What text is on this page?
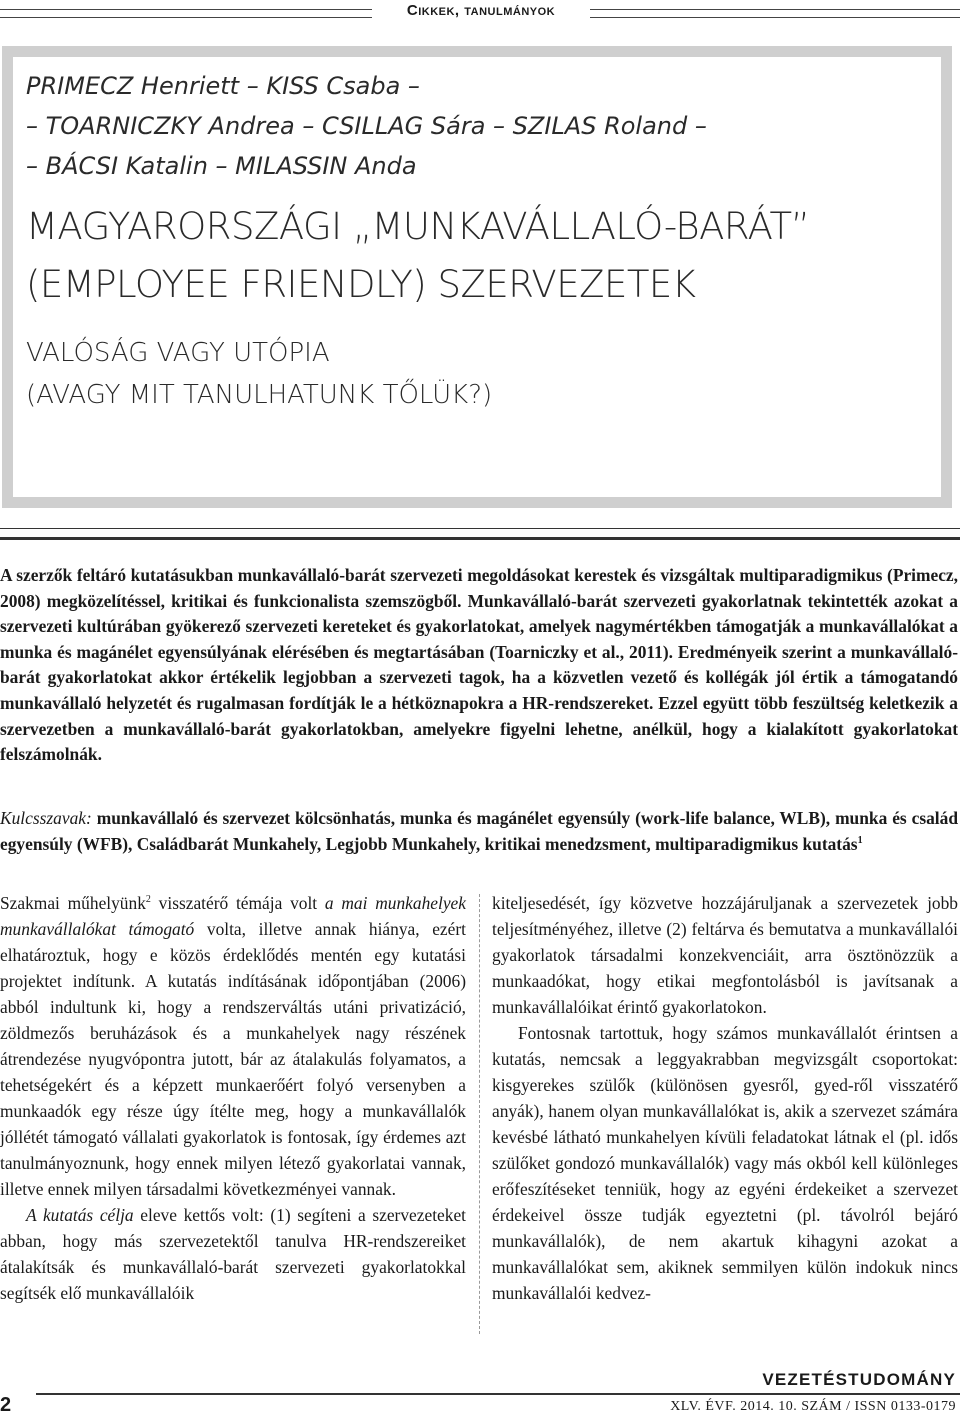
Cikkek, tanulmányok
PRIMECZ Henriett – KISS Csaba –
– TOARNICZKY Andrea – CSILLAG Sára – SZILAS Roland –
– BÁCSI Katalin – MILASSIN Anda
MAGYARORSZÁGI „MUNKAVÁLLALÓ-BARÁT”
(EMPLOYEE FRIENDLY) SZERVEZETEK
VALÓSÁG VAGY UTÓPIA
(AVAGY MIT TANULHATUNK TŐLÜK?)
A szerzők feltáró kutatásukban munkavállaló-barát szervezeti megoldásokat kerestek és vizsgáltak multiparadigmikus (Primecz, 2008) megközelítéssel, kritikai és funkcionalista szemszögből. Munkavállaló-barát szervezeti gyakorlatnak tekintették azokat a szervezeti kultúrában gyökerező szervezeti kereteket és gyakorlatokat, amelyek nagymértékben támogatják a munkavállalókat a munka és magánélet egyensúlyának elérésében és megtartásában (Toarniczky et al., 2011). Eredményeik szerint a munkavállaló-barát gyakorlatokat akkor értékelik legjobban a szervezeti tagok, ha a közvetlen vezető és kollégák jól értik a támogatandó munkavállaló helyzetét és rugalmasan fordítják le a hétköznapokra a HR-rendszereket. Ezzel együtt több feszültség keletkezik a szervezetben a munkavállaló-barát gyakorlatokban, amelyekre figyelni lehetne, anélkül, hogy a kialakított gyakorlatokat felszámolnák.
Kulcsszavak: munkavállaló és szervezet kölcsönhatás, munka és magánélet egyensúly (work-life balance, WLB), munka és család egyensúly (WFB), Családbarát Munkahely, Legjobb Munkahely, kritikai menedzsment, multiparadigmikus kutatás$^1$

Szakmai műhelyünk$^2$ visszatérő témája volt a mai munkahelyek munkavállalókat támogató volta, illetve annak hiánya, ezért elhatároztuk, hogy e közös érdeklődés mentén egy kutatási projektet indítunk. A kutatás indításának időpontjában (2006) abból indultunk ki, hogy a rendszerváltás utáni privatizáció, zöldmezős beruházások és a munkahelyek nagy részének átrendezése nyugvópontra jutott, bár az átalakulás folyamatos, a tehetségekért és a képzett munkaerőért folyó versenyben a munkaadók egy része úgy ítélte meg, hogy a munkavállalók jóllétét támogató vállalati gyakorlatok is fontosak, így érdemes azt tanulmányoznunk, hogy ennek milyen létező gyakorlatai vannak, illetve ennek milyen társadalmi következményei vannak.

A kutatás célja eleve kettős volt: (1) segíteni a szervezeteket abban, hogy más szervezetektől tanulva HR-rendszereiket átalakítsák és munkavállaló-barát szervezeti gyakorlatokkal segítsék elő munkavállalóik

kiteljesedését, így közvetve hozzájáruljanak a szervezetek jobb teljesítményéhez, illetve (2) feltárva és bemutatva a munkavállalói gyakorlatok társadalmi konzekvenciáit, arra ösztönözzük a munkaadókat, hogy etikai megfontolásból is javítsanak a munkavállalóikat érintő gyakorlatokon.

Fontosnak tartottuk, hogy számos munkavállalót érintsen a kutatás, nemcsak a leggyakrabban megvizsgált csoportokat: kisgyerekes szülők (különösen gyesről, gyed-ről visszatérő anyák), hanem olyan munkavállalókat is, akik a szervezet számára kevésbé látható munkahelyen kívüli feladatokat látnak el (pl. idős szülőket gondozó munkavállalók) vagy más okból kell különleges erőfeszítéseket tenniük, hogy az egyéni érdekeiket a szervezet érdekeivel össze tudják egyeztetni (pl. távolról bejáró munkavállalók), de nem akartuk kihagyni azokat a munkavállalókat sem, akiknek semmilyen külön indokuk nincs munkavállalói kedvez-

VEZETÉSTUDOMÁNY
2	XLV. ÉVF. 2014. 10. SZÁM / ISSN 0133-0179
